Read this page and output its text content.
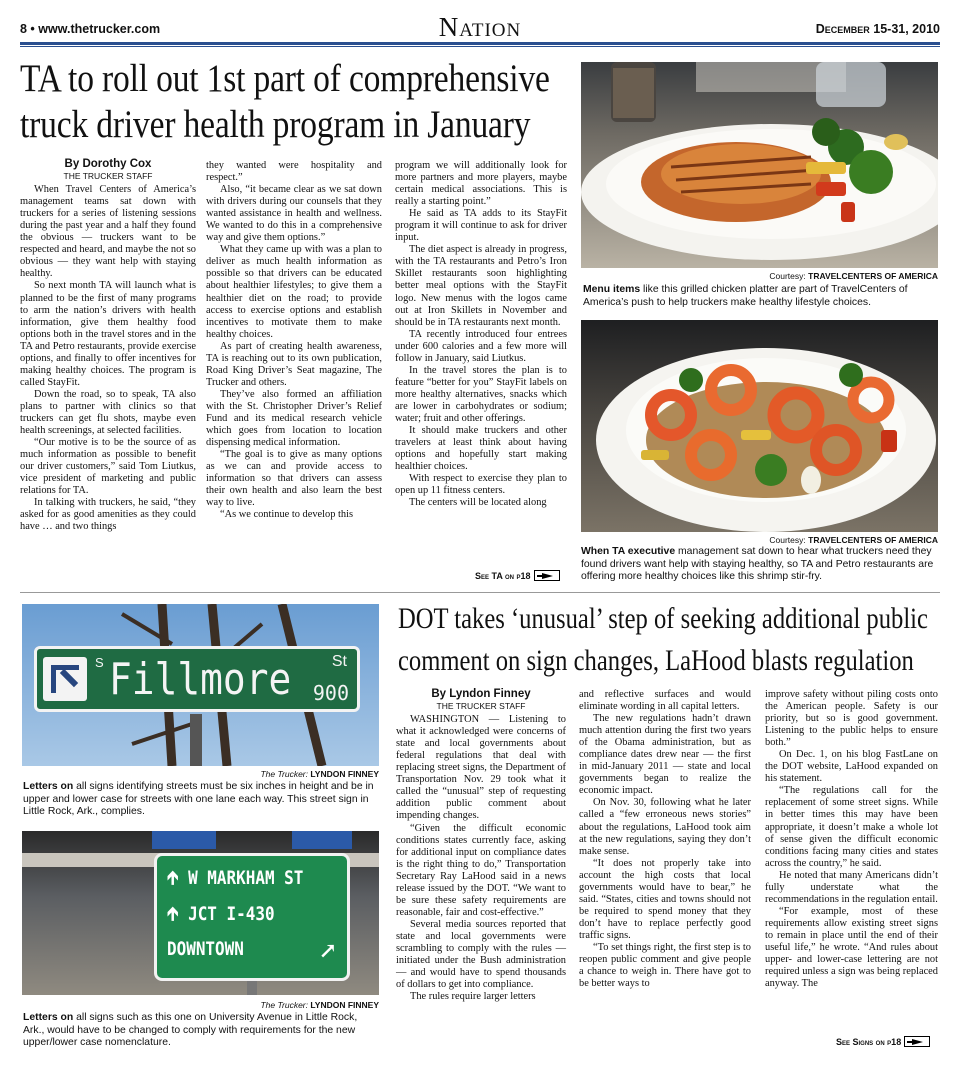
8 • www.thetrucker.com	Nation	December 15-31, 2010
TA to roll out 1st part of comprehensive
truck driver health program in January
By Dorothy Cox
THE TRUCKER STAFF

When Travel Centers of America’s management teams sat down with truckers for a series of listening sessions during the past year and a half they found the obvious — truckers want to be respected and heard, and maybe the not so obvious — they want help with staying healthy.

So next month TA will launch what is planned to be the first of many programs to arm the nation’s drivers with health information, give them healthy food options both in the travel stores and in the TA and Petro restaurants, provide exercise options, and finally to offer incentives for making healthy choices. The program is called StayFit.

Down the road, so to speak, TA also plans to partner with clinics so that truckers can get flu shots, maybe even health screenings, at selected facilities.

“Our motive is to be the source of as much information as possible to benefit our driver customers,” said Tom Liutkus, vice president of marketing and public relations for TA.

In talking with truckers, he said, “they asked for as good amenities as they could have … and two things

they wanted were hospitality and respect.”

Also, “it became clear as we sat down with drivers during our counsels that they wanted assistance in health and wellness. We wanted to do this in a comprehensive way and give them options.”

What they came up with was a plan to deliver as much health information as possible so that drivers can be educated about healthier lifestyles; to give them a healthier diet on the road; to provide access to exercise options and establish incentives to motivate them to make healthy choices.

As part of creating health awareness, TA is reaching out to its own publication, Road King Driver’s Seat magazine, The Trucker and others.

They’ve also formed an affiliation with the St. Christopher Driver’s Relief Fund and its medical research vehicle which goes from location to location dispensing medical information.

“The goal is to give as many options as we can and provide access to information so that drivers can assess their own health and also learn the best way to live.

“As we continue to develop this

program we will additionally look for more partners and more players, maybe certain medical associations. This is really a starting point.”

He said as TA adds to its StayFit program it will continue to ask for driver input.

The diet aspect is already in progress, with the TA restaurants and Petro’s Iron Skillet restaurants soon highlighting better meal options with the StayFit logo. New menus with the logos came out at Iron Skillets in November and should be in TA restaurants next month.

TA recently introduced four entrees under 600 calories and a few more will follow in January, said Liutkus.

In the travel stores the plan is to feature “better for you” StayFit labels on more healthy alternatives, snacks which are lower in carbohydrates or sodium; water; fruit and other offerings.

It should make truckers and other travelers at least think about having options and hopefully start making healthier choices.

With respect to exercise they plan to open up 11 fitness centers.

The centers will be located along

See TA on p18
Courtesy: TRAVELCENTERS OF AMERICA
Menu items like this grilled chicken platter are part of TravelCenters of America’s push to help truckers make healthy lifestyle choices.
Courtesy: TRAVELCENTERS OF AMERICA
When TA executive management sat down to hear what truckers need they found drivers want help with staying healthy, so TA and Petro restaurants are offering more healthy choices like this shrimp stir-fry.
DOT takes ‘unusual’ step of seeking additional public
comment on sign changes, LaHood blasts regulation
S Fillmore	St
900
The Trucker: LYNDON FINNEY
Letters on all signs identifying streets must be six inches in height and be in upper and lower case for streets with one lane each way. This street sign in Little Rock, Ark., complies.
🡱 W MARKHAM ST
🡱 JCT I-430
DOWNTOWN	↗
The Trucker: LYNDON FINNEY
Letters on all signs such as this one on University Avenue in Little Rock, Ark., would have to be changed to comply with requirements for the new upper/lower case nomenclature.
By Lyndon Finney
THE TRUCKER STAFF

WASHINGTON — Listening to what it acknowledged were concerns of state and local governments about federal regulations that deal with replacing street signs, the Department of Transportation Nov. 29 took what it called the “unusual” step of requesting addition public comment about impending changes.

“Given the difficult economic conditions states currently face, asking for additional input on compliance dates is the right thing to do,” Transportation Secretary Ray LaHood said in a news release issued by the DOT. “We want to be sure these safety requirements are reasonable, fair and cost-effective.”

Several media sources reported that state and local governments were scrambling to comply with the rules — initiated under the Bush administration — and would have to spend thousands of dollars to get into compliance.

The rules require larger letters

and reflective surfaces and would eliminate wording in all capital letters.

The new regulations hadn’t drawn much attention during the first two years of the Obama administration, but as compliance dates drew near — the first in mid-January 2011 — state and local governments began to realize the economic impact.

On Nov. 30, following what he later called a “few erroneous news stories” about the regulations, LaHood took aim at the new regulations, saying they don’t make sense.

“It does not properly take into account the high costs that local governments would have to bear,” he said. “States, cities and towns should not be required to spend money that they don’t have to replace perfectly good traffic signs.

“To set things right, the first step is to reopen public comment and give people a chance to weigh in. There have got to be better ways to

improve safety without piling costs onto the American people. Safety is our priority, but so is good government. Listening to the public helps to ensure both.”

On Dec. 1, on his blog FastLane on the DOT website, LaHood expanded on his statement.

“The regulations call for the replacement of some street signs. While in better times this may have been appropriate, it doesn’t make a whole lot of sense given the difficult economic conditions facing many cities and states across the country,” he said.

He noted that many Americans didn’t fully understate what the recommendations in the regulation entail.

“For example, most of these requirements allow existing street signs to remain in place until the end of their useful life,” he wrote. “And rules about upper- and lower-case lettering are not required unless a sign was being replaced anyway. The

See Signs on p18
